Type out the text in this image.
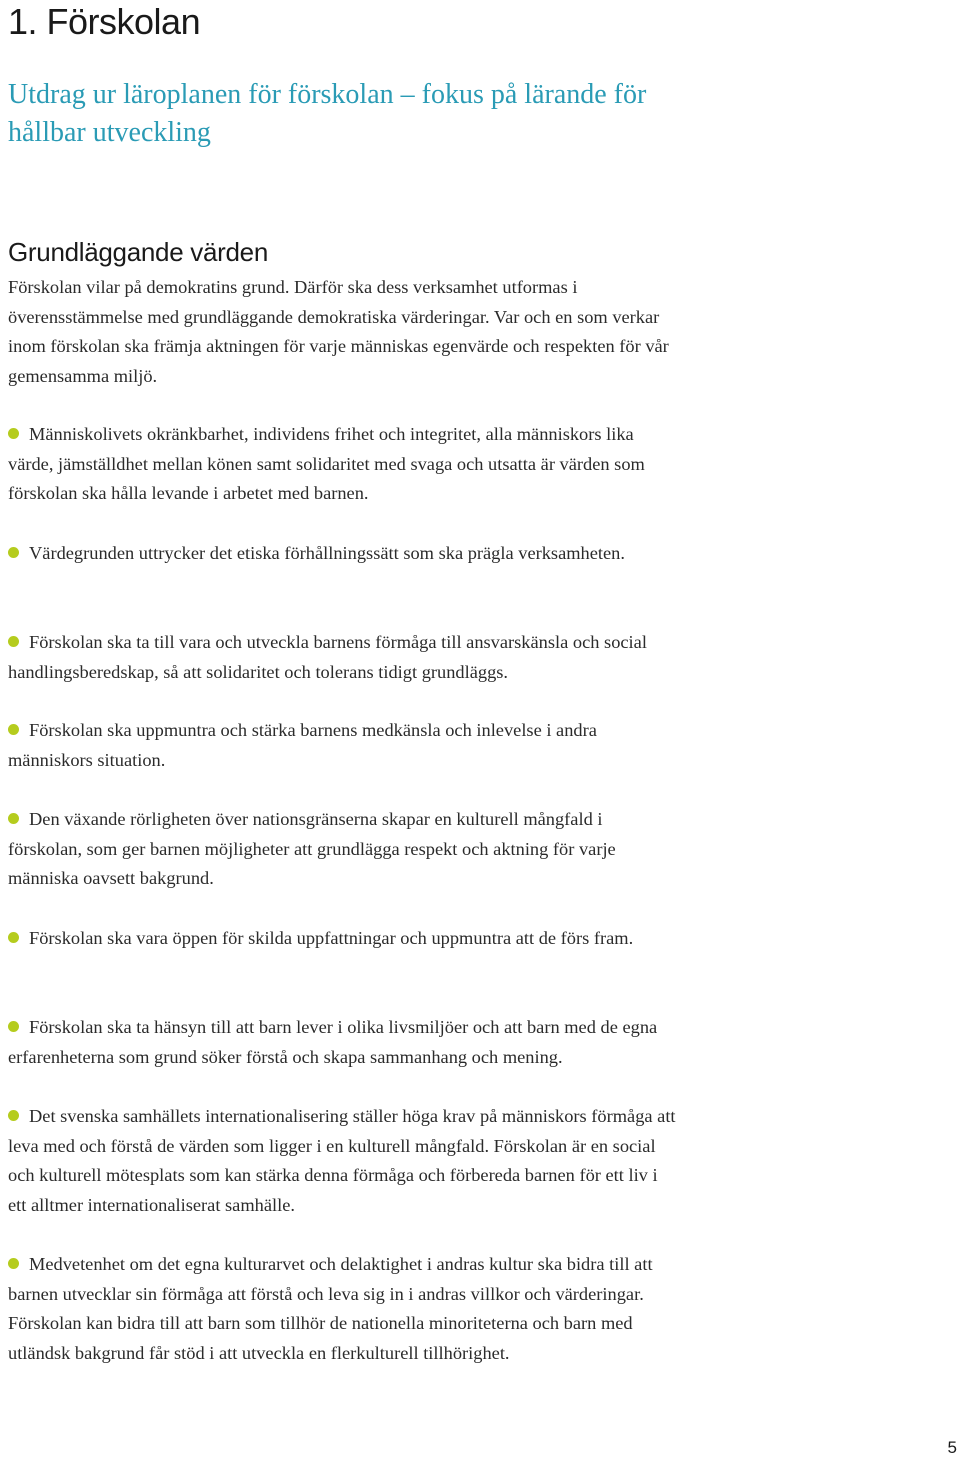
1. Förskolan
Utdrag ur läroplanen för förskolan – fokus på lärande för hållbar utveckling
Grundläggande värden

Förskolan vilar på demokratins grund. Därför ska dess verksamhet utformas i överensstämmelse med grundläggande demokratiska värderingar. Var och en som verkar inom förskolan ska främja aktningen för varje människas egenvärde och respekten för vår gemensamma miljö.

Människolivets okränkbarhet, individens frihet och integritet, alla människors lika värde, jämställdhet mellan könen samt solidaritet med svaga och utsatta är värden som förskolan ska hålla levande i arbetet med barnen.

Värdegrunden uttrycker det etiska förhållningssätt som ska prägla verksamheten.

Förskolan ska ta till vara och utveckla barnens förmåga till ansvarskänsla och social handlingsberedskap, så att solidaritet och tolerans tidigt grundläggs.

Förskolan ska uppmuntra och stärka barnens medkänsla och inlevelse i andra människors situation.

Den växande rörligheten över nationsgränserna skapar en kulturell mångfald i förskolan, som ger barnen möjligheter att grundlägga respekt och aktning för varje människa oavsett bakgrund.

Förskolan ska vara öppen för skilda uppfattningar och uppmuntra att de förs fram.

Förskolan ska ta hänsyn till att barn lever i olika livsmiljöer och att barn med de egna erfarenheterna som grund söker förstå och skapa sammanhang och mening.

Det svenska samhällets internationalisering ställer höga krav på människors förmåga att leva med och förstå de värden som ligger i en kulturell mångfald. Förskolan är en social och kulturell mötesplats som kan stärka denna förmåga och förbereda barnen för ett liv i ett alltmer internationaliserat samhälle.

Medvetenhet om det egna kulturarvet och delaktighet i andras kultur ska bidra till att barnen utvecklar sin förmåga att förstå och leva sig in i andras villkor och värderingar. Förskolan kan bidra till att barn som tillhör de nationella minoriteterna och barn med utländsk bakgrund får stöd i att utveckla en flerkulturell tillhörighet.

5
